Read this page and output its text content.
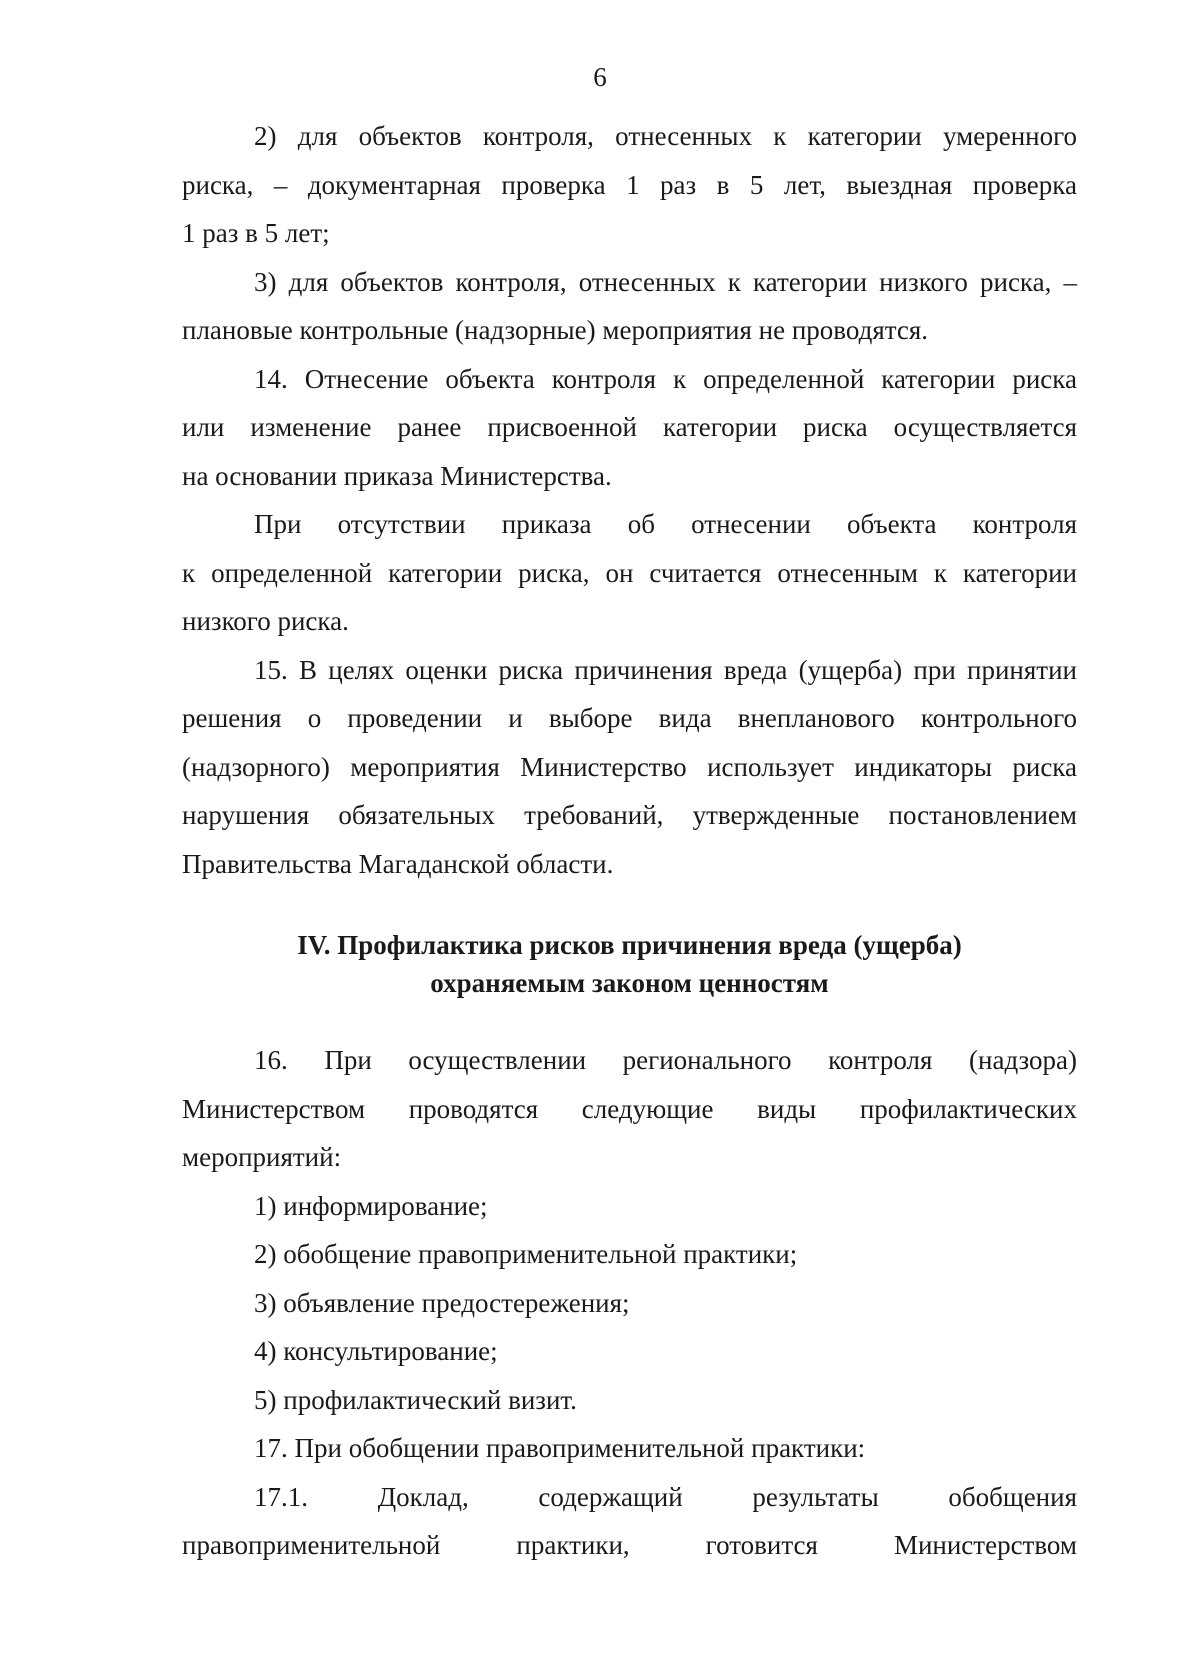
6
2) для объектов контроля, отнесенных к категории умеренного
риска, – документарная проверка 1 раз в 5 лет, выездная проверка
1 раз в 5 лет;
3) для объектов контроля, отнесенных к категории низкого риска, –
плановые контрольные (надзорные) мероприятия не проводятся.
14. Отнесение объекта контроля к определенной категории риска
или изменение ранее присвоенной категории риска осуществляется
на основании приказа Министерства.
При отсутствии приказа об отнесении объекта контроля
к определенной категории риска, он считается отнесенным к категории
низкого риска.
15. В целях оценки риска причинения вреда (ущерба) при принятии
решения о проведении и выборе вида внепланового контрольного
(надзорного) мероприятия Министерство использует индикаторы риска
нарушения обязательных требований, утвержденные постановлением
Правительства Магаданской области.
IV. Профилактика рисков причинения вреда (ущерба)
охраняемым законом ценностям
16. При осуществлении регионального контроля (надзора)
Министерством проводятся следующие виды профилактических
мероприятий:
1) информирование;
2) обобщение правоприменительной практики;
3) объявление предостережения;
4) консультирование;
5) профилактический визит.
17. При обобщении правоприменительной практики:
17.1. Доклад, содержащий результаты обобщения
правоприменительной практики, готовится Министерством
